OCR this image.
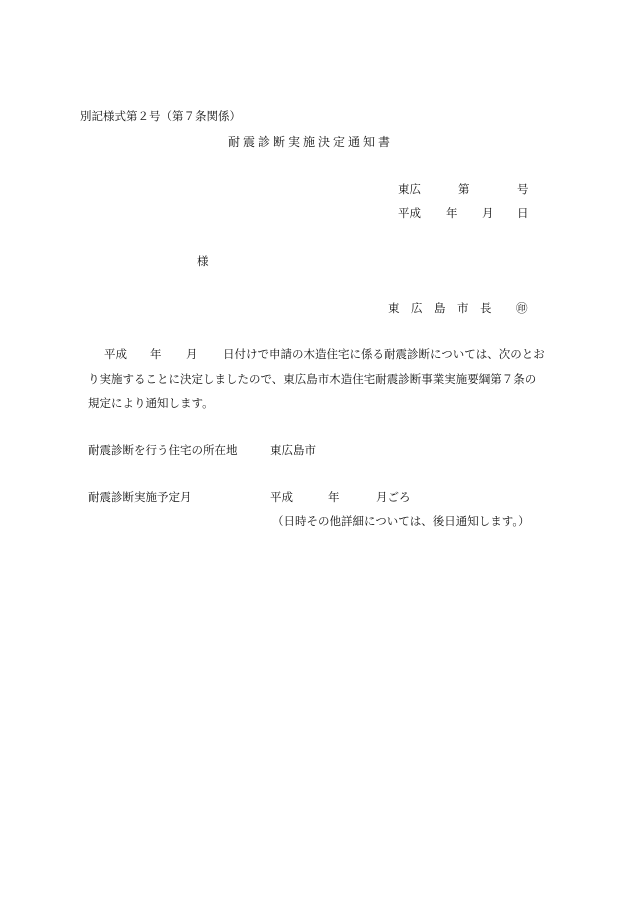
別記様式第２号（第７条関係）
耐震診断実施決定通知書
東広	第	号
平成 年 月 日
様
東　広　島　市　長 ㊞
平成 年 月 日付けで申請の木造住宅に係る耐震診断については、次のとお
り実施することに決定しましたので、東広島市木造住宅耐震診断事業実施要綱第７条の
規定により通知します。
耐震診断を行う住宅の所在地	東広島市
耐震診断実施予定月	平成	年	月ごろ
（日時その他詳細については、後日通知します。）
